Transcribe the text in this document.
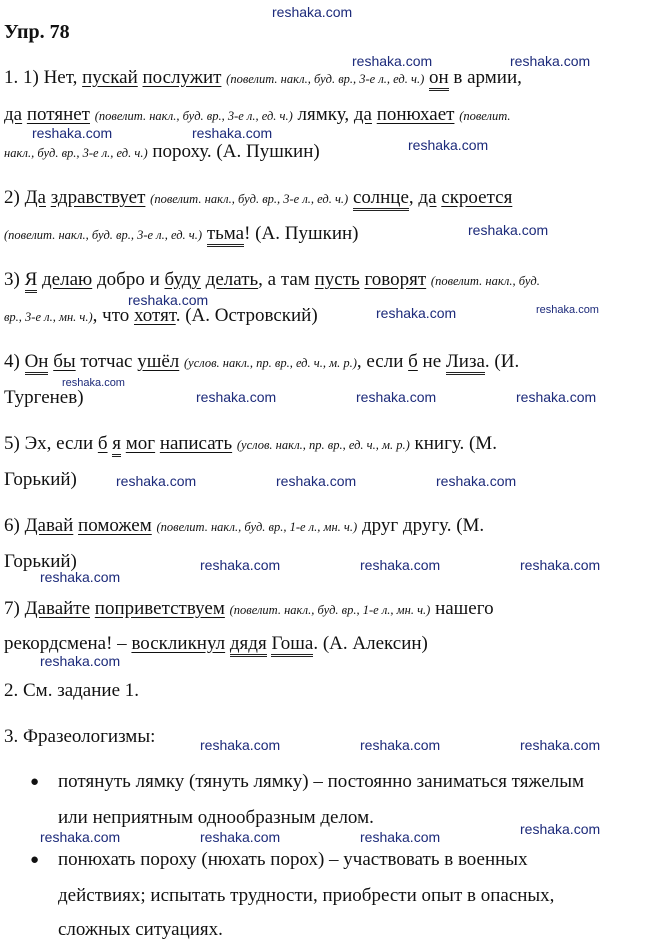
reshaka.com
reshaka.com	reshaka.com
reshaka.com	reshaka.com
reshaka.com
reshaka.com
reshaka.com
reshaka.com	reshaka.com
reshaka.com
reshaka.com	reshaka.com	reshaka.com
reshaka.com	reshaka.com	reshaka.com
reshaka.com	reshaka.com	reshaka.com
reshaka.com
reshaka.com
reshaka.com	reshaka.com	reshaka.com
reshaka.com	reshaka.com	reshaka.com	reshaka.com
Упр. 78
1. 1) Нет, пускай послужит (повелит. накл., буд. вр., 3-е л., ед. ч.) он в армии,
да потянет (повелит. накл., буд. вр., 3-е л., ед. ч.) лямку, да понюхает (повелит.
накл., буд. вр., 3-е л., ед. ч.) пороху. (А. Пушкин)
2) Да здравствует (повелит. накл., буд. вр., 3-е л., ед. ч.) солнце, да скроется
(повелит. накл., буд. вр., 3-е л., ед. ч.) тьма! (А. Пушкин)
3) Я делаю добро и буду делать, а там пусть говорят (повелит. накл., буд.
вр., 3-е л., мн. ч.), что хотят. (А. Островский)
4) Он бы тотчас ушёл (услов. накл., пр. вр., ед. ч., м. р.), если б не Лиза. (И.
Тургенев)
5) Эх, если б я мог написать (услов. накл., пр. вр., ед. ч., м. р.) книгу. (М.
Горький)
6) Давай поможем (повелит. накл., буд. вр., 1-е л., мн. ч.) друг другу. (М.
Горький)
7) Давайте поприветствуем (повелит. накл., буд. вр., 1-е л., мн. ч.) нашего
рекордсмена! – воскликнул дядя Гоша. (А. Алексин)
2. См. задание 1.
3. Фразеологизмы:
● потянуть лямку (тянуть лямку) – постоянно заниматься тяжелым
или неприятным однообразным делом.
● понюхать пороху (нюхать порох) – участвовать в военных
действиях; испытать трудности, приобрести опыт в опасных,
сложных ситуациях.
